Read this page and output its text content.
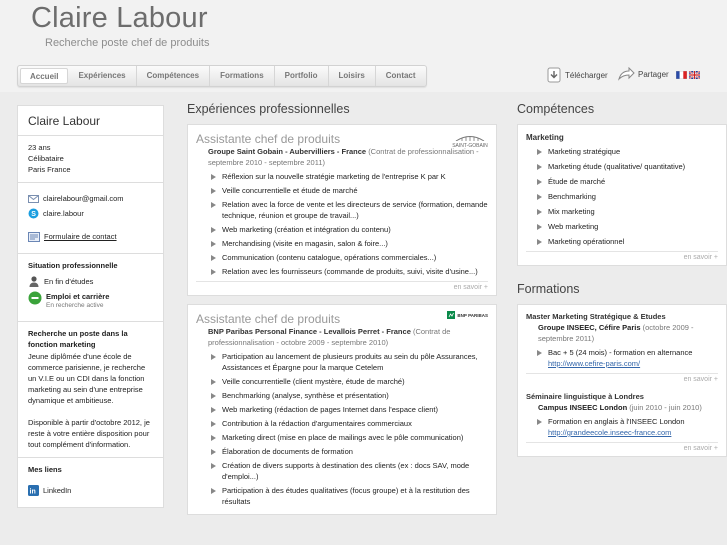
Claire Labour
Recherche poste chef de produits
Accueil	Expériences	Compétences	Formations	Portfolio	Loisirs	Contact	Télécharger	Partager
Claire Labour
23 ans
Célibataire
Paris France
clairelabour@gmail.com
S claire.labour
Formulaire de contact
Situation professionnelle
En fin d'études
Emploi et carrière
En recherche active
Recherche un poste dans la fonction marketing
Jeune diplômée d'une école de commerce parisienne, je recherche un V.I.E ou un CDI dans la fonction marketing au sein d'une entreprise dynamique et ambitieuse.
Disponible à partir d'octobre 2012, je reste à votre entière disposition pour tout complément d'information.
Mes liens
in LinkedIn
Expériences professionnelles
SAINT-GOBAIN
Assistante chef de produits
Groupe Saint Gobain - Aubervilliers - France (Contrat de professionnalisation - septembre 2010 - septembre 2011)
Réflexion sur la nouvelle stratégie marketing de l'entreprise K par K
Veille concurrentielle et étude de marché
Relation avec la force de vente et les directeurs de service (formation, demande technique, réunion et groupe de travail...)
Web marketing (création et intégration du contenu)
Merchandising (visite en magasin, salon & foire...)
Communication (contenu catalogue, opérations commerciales...)
Relation avec les fournisseurs (commande de produits, suivi, visite d'usine...)
en savoir +
BNP PARIBAS
Assistante chef de produits
BNP Paribas Personal Finance - Levallois Perret - France (Contrat de professionnalisation - octobre 2009 - septembre 2010)
Participation au lancement de plusieurs produits au sein du pôle Assurances, Assistances et Épargne pour la marque Cetelem
Veille concurrentielle (client mystère, étude de marché)
Benchmarking (analyse, synthèse et présentation)
Web marketing (rédaction de pages Internet dans l'espace client)
Contribution à la rédaction d'argumentaires commerciaux
Marketing direct (mise en place de mailings avec le pôle communication)
Élaboration de documents de formation
Création de divers supports à destination des clients (ex : docs SAV, mode d'emploi...)
Participation à des études qualitatives (focus groupe) et à la restitution des résultats
Compétences
Marketing
Marketing stratégique
Marketing étude (qualitative/ quantitative)
Étude de marché
Benchmarking
Mix marketing
Web marketing
Marketing opérationnel
en savoir +
Formations
Master Marketing Stratégique & Etudes
Groupe INSEEC, Céfire Paris (octobre 2009 - septembre 2011)
Bac + 5 (24 mois) - formation en alternance
http://www.cefire-paris.com/
en savoir +
Séminaire linguistique à Londres
Campus INSEEC London (juin 2010 - juin 2010)
Formation en anglais à l'INSEEC London
http://grandeecole.inseec-france.com
en savoir +
